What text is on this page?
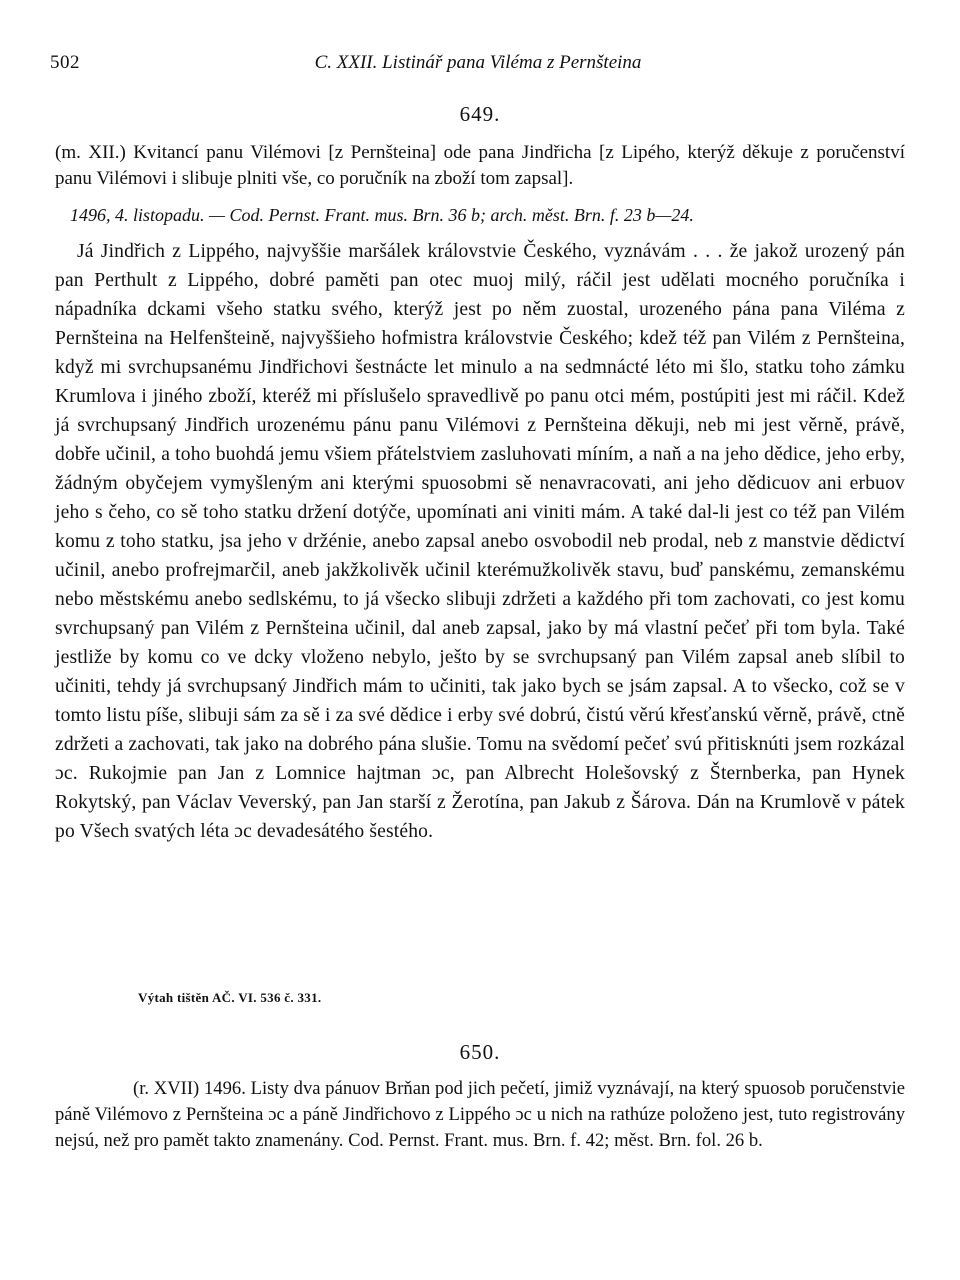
502	C. XXII. Listinář pana Viléma z Pernšteina
649.

(m. XII.) Kvitancí panu Vilémovi [z Pernšteina] ode pana Jindřicha [z Lipého, kterýž děkuje z poručenství panu Vilémovi i slibuje plniti vše, co poručník na zboží tom zapsal].

1496, 4. listopadu. — Cod. Pernst. Frant. mus. Brn. 36 b; arch. měst. Brn. f. 23 b—24.

Já Jindřich z Lippého, najvyššie maršálek královstvie Českého, vyznávám . . . že jakož urozený pán pan Perthult z Lippého, dobré paměti pan otec muoj milý, ráčil jest udělati mocného poručníka i nápadníka dckami všeho statku svého, kterýž jest po něm zuostal, urozeného pána pana Viléma z Pernšteina na Helfenšteině, najvyššieho hofmistra královstvie Českého; kdež též pan Vilém z Pernšteina, když mi svrchupsanému Jindřichovi šestnácte let minulo a na sedmnácté léto mi šlo, statku toho zámku Krumlova i jiného zboží, kteréž mi příslušelo spravedlivě po panu otci mém, postúpiti jest mi ráčil. Kdež já svrchupsaný Jindřich urozenému pánu panu Vilémovi z Pernšteina děkuji, neb mi jest věrně, právě, dobře učinil, a toho buohdá jemu všiem přátelstviem zasluhovati míním, a naň a na jeho dědice, jeho erby, žádným obyčejem vymyšleným ani kterými spuosobmi sě nenavracovati, ani jeho dědicuov ani erbuov jeho s čeho, co sě toho statku držení dotýče, upomínati ani viniti mám. A také dal-li jest co též pan Vilém komu z toho statku, jsa jeho v držénie, anebo zapsal anebo osvobodil neb prodal, neb z manstvie dědictví učinil, anebo profrejmarčil, aneb jakžkolivěk učinil kterémužkolivěk stavu, buď panskému, zemanskému nebo městskému anebo sedlskému, to já všecko slibuji zdržeti a každého při tom zachovati, co jest komu svrchupsaný pan Vilém z Pernšteina učinil, dal aneb zapsal, jako by má vlastní pečeť při tom byla. Také jestliže by komu co ve dcky vloženo nebylo, ješto by se svrchupsaný pan Vilém zapsal aneb slíbil to učiniti, tehdy já svrchupsaný Jindřich mám to učiniti, tak jako bych se jsám zapsal. A to všecko, což se v tomto listu píše, slibuji sám za sě i za své dědice i erby své dobrú, čistú věrú křesťanskú věrně, právě, ctně zdržeti a zachovati, tak jako na dobrého pána slušie. Tomu na svědomí pečeť svú přitisknúti jsem rozkázal ɔc. Rukojmie pan Jan z Lomnice hajtman ɔc, pan Albrecht Holešovský z Šternberka, pan Hynek Rokytský, pan Václav Veverský, pan Jan starší z Žerotína, pan Jakub z Šárova. Dán na Krumlově v pátek po Všech svatých léta ɔc devadesátého šestého.

Výtah tištěn AČ. VI. 536 č. 331.

650.

(r. XVII) 1496. Listy dva pánuov Brňan pod jich pečetí, jimiž vyznávají, na který spuosob poručenstvie páně Vilémovo z Pernšteina ɔc a páně Jindřichovo z Lippého ɔc u nich na rathúze položeno jest, tuto registrovány nejsú, než pro pamět takto znamenány. Cod. Pernst. Frant. mus. Brn. f. 42; měst. Brn. fol. 26 b.
